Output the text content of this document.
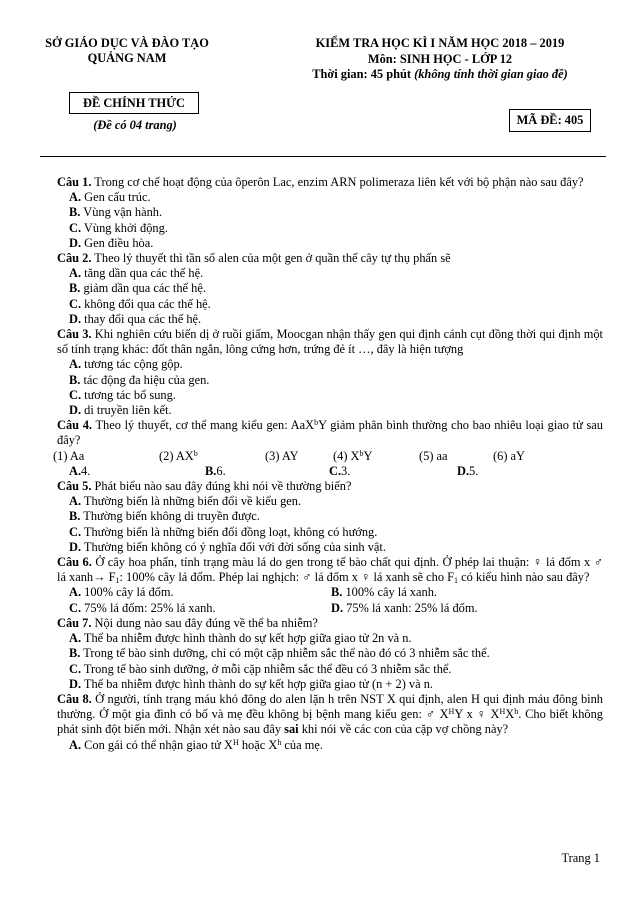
SỞ GIÁO DỤC VÀ ĐÀO TẠO
QUẢNG NAM
KIỂM TRA HỌC KÌ I NĂM HỌC 2018 – 2019
Môn: SINH HỌC - LỚP 12
Thời gian: 45 phút (không tính thời gian giao đề)
ĐỀ CHÍNH THỨC
(Đề có 04 trang)	MÃ ĐỀ: 405

Câu 1. Trong cơ chế hoạt động của ôperôn Lac, enzim ARN polimeraza liên kết với bộ phận nào sau đây?

A. Gen cấu trúc.

B. Vùng vận hành.

C. Vùng khởi động.

D. Gen điều hòa.

Câu 2. Theo lý thuyết thì tần số alen của một gen ở quần thể cây tự thụ phấn sẽ

A. tăng dần qua các thế hệ.

B. giảm dần qua các thế hệ.

C. không đổi qua các thế hệ.

D. thay đổi qua các thế hệ.

Câu 3. Khi nghiên cứu biến dị ở ruồi giấm, Moocgan nhận thấy gen qui định cánh cụt đồng thời qui định một số tính trạng khác: đốt thân ngắn, lông cứng hơn, trứng đẻ ít …, đây là hiện tượng

A. tương tác cộng gộp.

B. tác động đa hiệu của gen.

C. tương tác bổ sung.

D. di truyền liên kết.

Câu 4. Theo lý thuyết, cơ thể mang kiểu gen: AaX$^b$Y giảm phân bình thường cho bao nhiêu loại giao tử sau đây?

(1) Aa	(2) $AX^b$	(3) AY	(4) $X^bY$	(5) aa	(6) aY
A.4.	B.6.	C.3.	D.5.

Câu 5. Phát biểu nào sau đây đúng khi nói về thường biến?

A. Thường biến là những biến đổi về kiểu gen.

B. Thường biến không di truyền được.

C. Thường biến là những biến đổi đồng loạt, không có hướng.

D. Thường biến không có ý nghĩa đối với đời sống của sinh vật.

Câu 6. Ở cây hoa phấn, tính trạng màu lá do gen trong tế bào chất qui định. Ở phép lai thuận: ♀ lá đốm x ♂ lá xanh→ $F_1$: 100% cây lá đốm. Phép lai nghịch: ♂ lá đốm x ♀ lá xanh sẽ cho $F_1$ có kiểu hình nào sau đây?

A. 100% cây lá đốm.	B. 100% cây lá xanh.
C. 75% lá đốm: 25% lá xanh.	D. 75% lá xanh: 25% lá đốm.

Câu 7. Nội dung nào sau đây đúng về thể ba nhiễm?

A. Thể ba nhiễm được hình thành do sự kết hợp giữa giao tử 2n và n.

B. Trong tế bào sinh dưỡng, chỉ có một cặp nhiễm sắc thể nào đó có 3 nhiễm sắc thể.

C. Trong tế bào sinh dưỡng, ở mỗi cặp nhiễm sắc thể đều có 3 nhiễm sắc thể.

D. Thể ba nhiễm được hình thành do sự kết hợp giữa giao tử (n + 2) và n.

Câu 8. Ở người, tính trạng máu khó đông do alen lặn h trên NST X qui định, alen H qui định máu đông bình thường. Ở một gia đình có bố và mẹ đều không bị bệnh mang kiểu gen: ♂ $X^HY$ x ♀ $X^HX^h$. Cho biết không phát sinh đột biến mới. Nhận xét nào sau đây sai khi nói về các con của cặp vợ chồng này?

A. Con gái có thể nhận giao tử $X^H$ hoặc $X^h$ của mẹ.

Trang 1
